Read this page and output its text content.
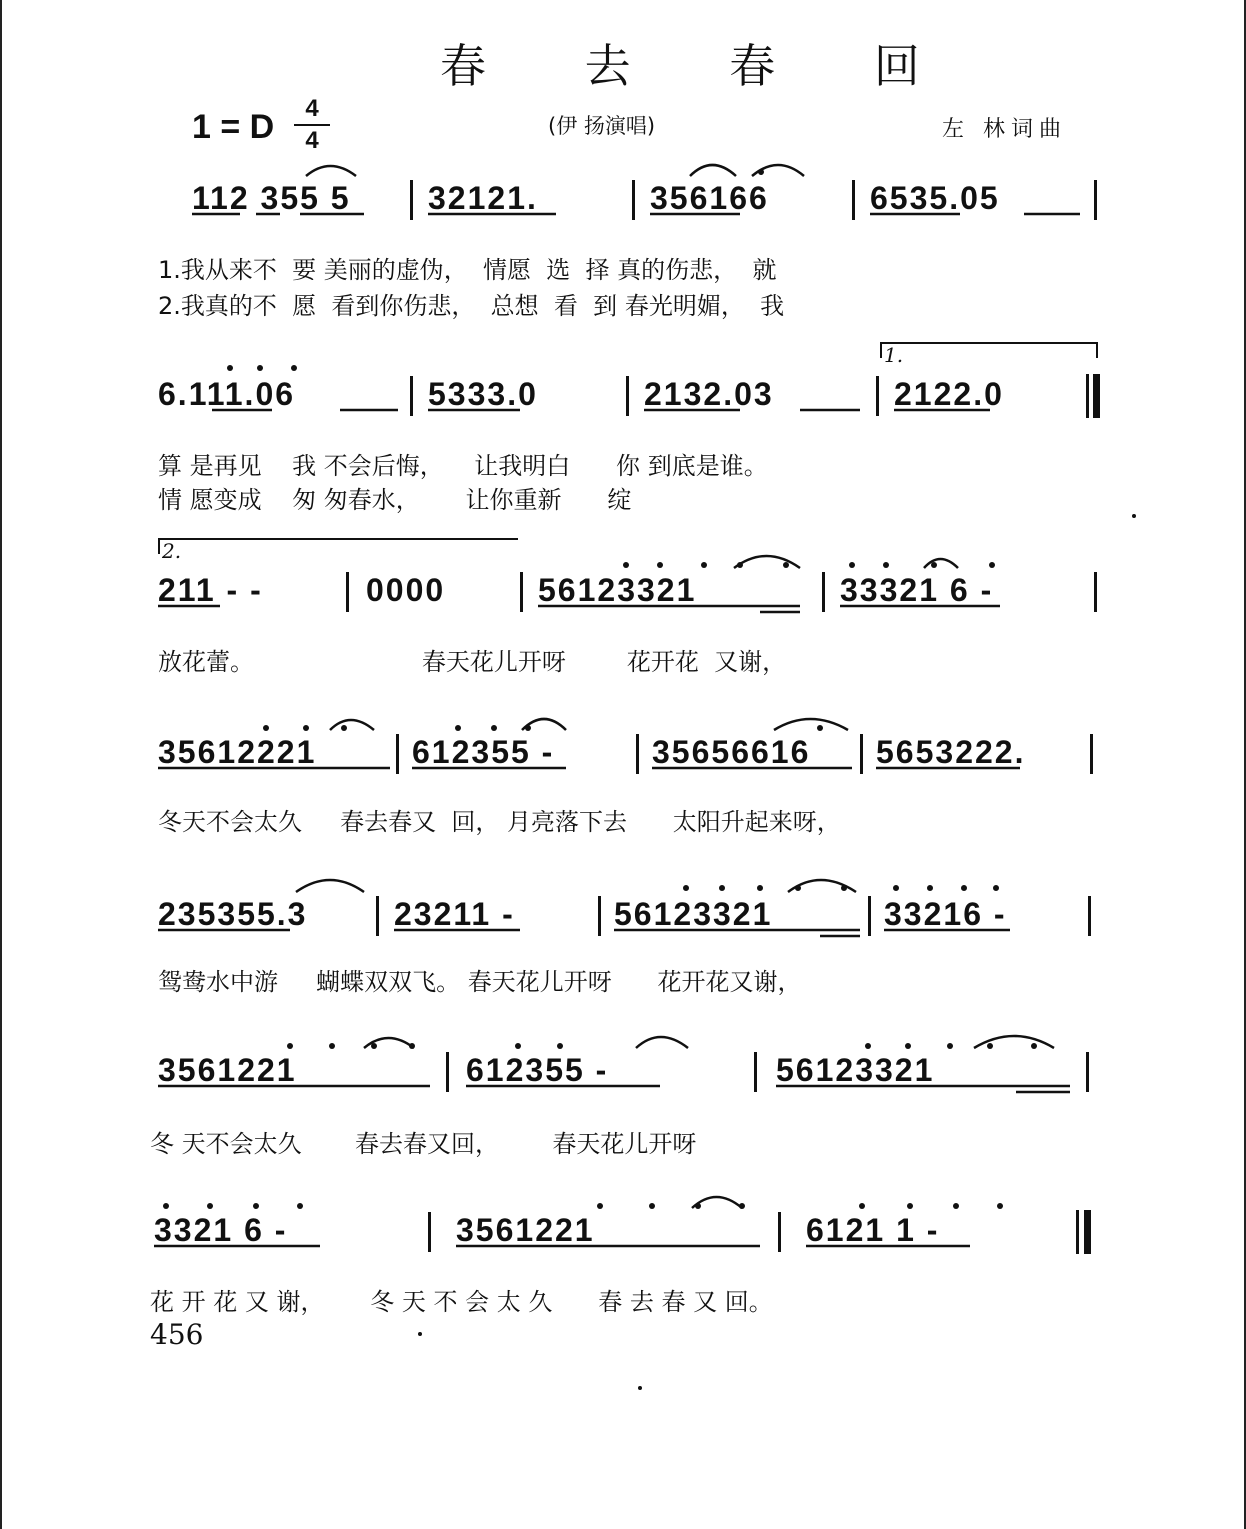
春 去 春 回
1 = D	4
4
(伊 扬演唱)	左 林词曲
112 355 5 32121.	356166	6535.05
1.我从来不  要 美丽的虚伪，  情愿  选  择 真的伤悲，  就
2.我真的不  愿  看到你伤悲，  总想  看  到 春光明媚，  我
1.
6.111.06	5333.0	2132.03	2122.0
算 是再见    我 不会后悔，    让我明白      你 到底是谁。
情 愿变成    匆 匆春水，      让你重新      绽
2.
211 - -	0000	56123321	33321 6 -
放花蕾。                      春天花儿开呀        花开花  又谢，
35612221	612355 -	35656616 5653222.
冬天不会太久     春去春又  回， 月亮落下去      太阳升起来呀，
235355.3	23211 -	56123321	33216 -
鸳鸯水中游     蝴蝶双双飞。 春天花儿开呀      花开花又谢，
3561221	612355 -	56123321
冬 天不会太久       春去春又回，       春天花儿开呀
3321 6 -	3561221	6121 1 -
花 开 花 又 谢，      冬 天 不 会 太 久      春 去 春 又 回。
456
